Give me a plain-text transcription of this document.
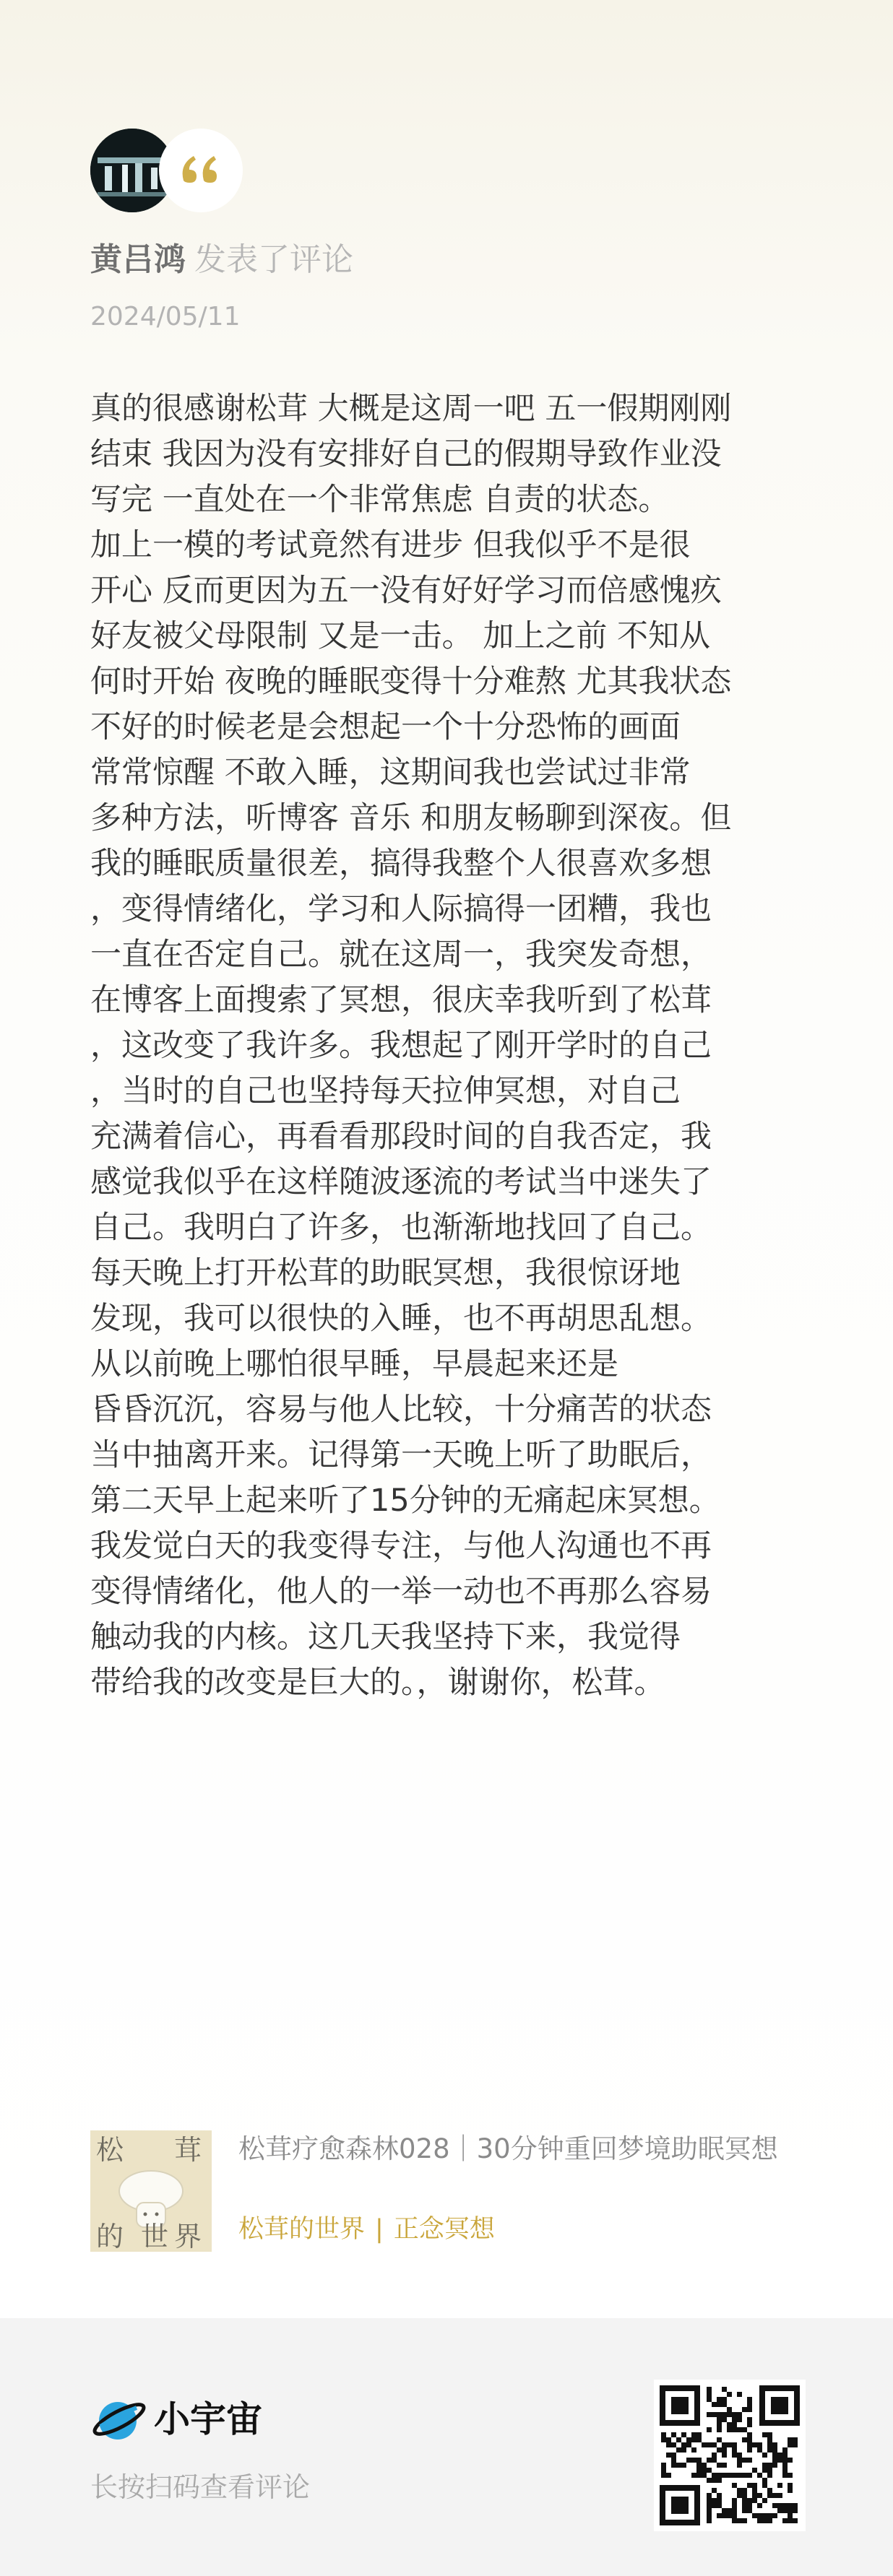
黄吕鸿 发表了评论
2024/05/11
真的很感谢松茸 大概是这周一吧 五一假期刚刚
结束 我因为没有安排好自己的假期导致作业没
写完 一直处在一个非常焦虑 自责的状态。
加上一模的考试竟然有进步 但我似乎不是很
开心 反而更因为五一没有好好学习而倍感愧疚
好友被父母限制 又是一击。 加上之前 不知从
何时开始 夜晚的睡眠变得十分难熬 尤其我状态
不好的时候老是会想起一个十分恐怖的画面
常常惊醒 不敢入睡，这期间我也尝试过非常
多种方法，听博客 音乐 和朋友畅聊到深夜。但
我的睡眠质量很差，搞得我整个人很喜欢多想
，变得情绪化，学习和人际搞得一团糟，我也
一直在否定自己。就在这周一，我突发奇想，
在博客上面搜索了冥想，很庆幸我听到了松茸
，这改变了我许多。我想起了刚开学时的自己
，当时的自己也坚持每天拉伸冥想，对自己
充满着信心，再看看那段时间的自我否定，我
感觉我似乎在这样随波逐流的考试当中迷失了
自己。我明白了许多，也渐渐地找回了自己。
每天晚上打开松茸的助眠冥想，我很惊讶地
发现，我可以很快的入睡，也不再胡思乱想。
从以前晚上哪怕很早睡，早晨起来还是
昏昏沉沉，容易与他人比较，十分痛苦的状态
当中抽离开来。记得第一天晚上听了助眠后，
第二天早上起来听了15分钟的无痛起床冥想。
我发觉白天的我变得专注，与他人沟通也不再
变得情绪化，他人的一举一动也不再那么容易
触动我的内核。这几天我坚持下来，我觉得
带给我的改变是巨大的。，谢谢你，松茸。
松 茸
的 世 界
松茸疗愈森林028｜30分钟重回梦境助眠冥想
松茸的世界 | 正念冥想
小宇宙
长按扫码查看评论
